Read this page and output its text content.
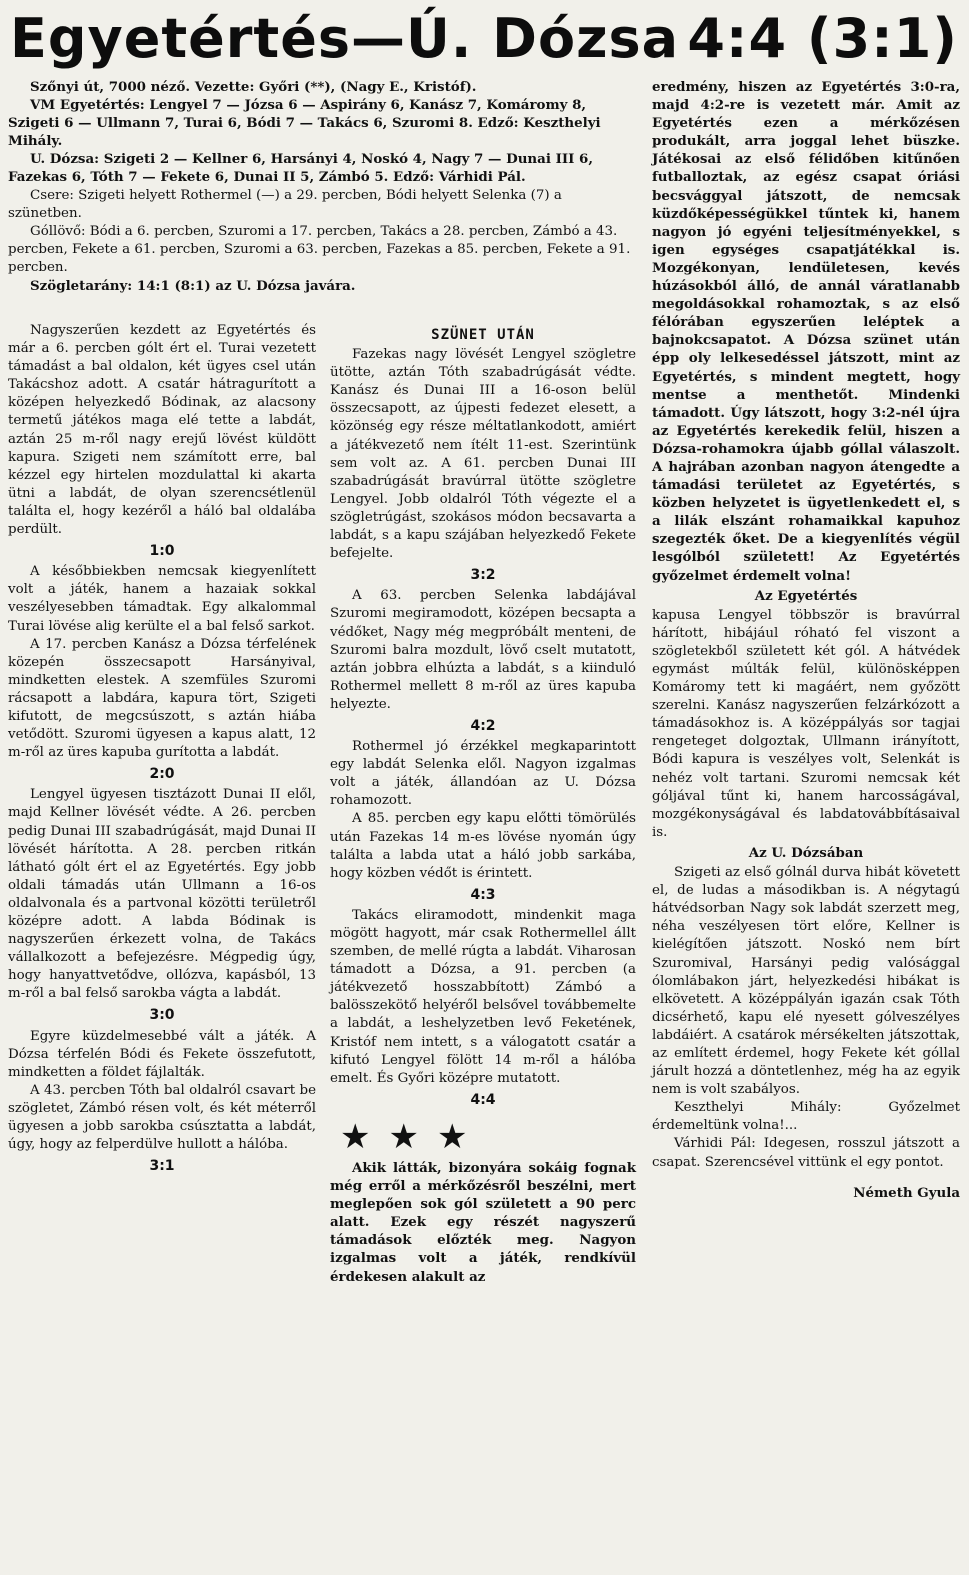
Egyetértés—Ú. Dózsa 4:4 (3:1)

Szőnyi út, 7000 néző. Vezette: Győri (**), (Nagy E., Kristóf).

VM Egyetértés: Lengyel 7 — Józsa 6 — Aspirány 6, Kanász 7, Komáromy 8, Szigeti 6 — Ullmann 7, Turai 6, Bódi 7 — Takács 6, Szuromi 8. Edző: Keszthelyi Mihály.

U. Dózsa: Szigeti 2 — Kellner 6, Harsányi 4, Noskó 4, Nagy 7 — Dunai III 6, Fazekas 6, Tóth 7 — Fekete 6, Dunai II 5, Zámbó 5. Edző: Várhidi Pál.

Csere: Szigeti helyett Rothermel (—) a 29. percben, Bódi helyett Selenka (7) a szünetben.

Góllövő: Bódi a 6. percben, Szuromi a 17. percben, Takács a 28. percben, Zámbó a 43. percben, Fekete a 61. percben, Szuromi a 63. percben, Fazekas a 85. percben, Fekete a 91. percben.

Szögletarány: 14:1 (8:1) az U. Dózsa javára.

Nagyszerűen kezdett az Egyetértés és már a 6. percben gólt ért el. Turai vezetett támadást a bal oldalon, két ügyes csel után Takácshoz adott. A csatár hátragurított a középen helyezkedő Bódinak, az alacsony termetű játékos maga elé tette a labdát, aztán 25 m-ről nagy erejű lövést küldött kapura. Szigeti nem számított erre, bal kézzel egy hirtelen mozdulattal ki akarta ütni a labdát, de olyan szerencsétlenül találta el, hogy kezéről a háló bal oldalába perdült.

1:0

A későbbiekben nemcsak kiegyenlített volt a játék, hanem a hazaiak sokkal veszélyesebben támadtak. Egy alkalommal Turai lövése alig kerülte el a bal felső sarkot.

A 17. percben Kanász a Dózsa térfelének közepén összecsapott Harsányival, mindketten elestek. A szemfüles Szuromi rácsapott a labdára, kapura tört, Szigeti kifutott, de megcsúszott, s aztán hiába vetődött. Szuromi ügyesen a kapus alatt, 12 m-ről az üres kapuba gurította a labdát.

2:0

Lengyel ügyesen tisztázott Dunai II elől, majd Kellner lövését védte. A 26. percben pedig Dunai III szabadrúgását, majd Dunai II lövését hárította. A 28. percben ritkán látható gólt ért el az Egyetértés. Egy jobb oldali támadás után Ullmann a 16-os oldalvonala és a partvonal közötti területről középre adott. A labda Bódinak is nagyszerűen érkezett volna, de Takács vállalkozott a befejezésre. Mégpedig úgy, hogy hanyattvetődve, ollózva, kapásból, 13 m-ről a bal felső sarokba vágta a labdát.

3:0

Egyre küzdelmesebbé vált a játék. A Dózsa térfelén Bódi és Fekete összefutott, mindketten a földet fájlalták.

A 43. percben Tóth bal oldalról csavart be szögletet, Zámbó résen volt, és két méterről ügyesen a jobb sarokba csúsztatta a labdát, úgy, hogy az felperdülve hullott a hálóba.

3:1
SZÜNET UTÁN

Fazekas nagy lövését Lengyel szögletre ütötte, aztán Tóth szabadrúgását védte. Kanász és Dunai III a 16-oson belül összecsapott, az újpesti fedezet elesett, a közönség egy része méltatlankodott, amiért a játékvezető nem ítélt 11-est. Szerintünk sem volt az. A 61. percben Dunai III szabadrúgását bravúrral ütötte szögletre Lengyel. Jobb oldalról Tóth végezte el a szögletrúgást, szokásos módon becsavarta a labdát, s a kapu szájában helyezkedő Fekete befejelte.

3:2

A 63. percben Selenka labdájával Szuromi megiramodott, középen becsapta a védőket, Nagy még megpróbált menteni, de Szuromi balra mozdult, lövő cselt mutatott, aztán jobbra elhúzta a labdát, s a kiinduló Rothermel mellett 8 m-ről az üres kapuba helyezte.

4:2

Rothermel jó érzékkel megkaparintott egy labdát Selenka elől. Nagyon izgalmas volt a játék, állandóan az U. Dózsa rohamozott.

A 85. percben egy kapu előtti tömörülés után Fazekas 14 m-es lövése nyomán úgy találta a labda utat a háló jobb sarkába, hogy közben védőt is érintett.

4:3

Takács eliramodott, mindenkit maga mögött hagyott, már csak Rothermellel állt szemben, de mellé rúgta a labdát. Viharosan támadott a Dózsa, a 91. percben (a játékvezető hosszabbított) Zámbó a balösszekötő helyéről belsővel továbbemelte a labdát, a leshelyzetben levő Feketének, Kristóf nem intett, s a válogatott csatár a kifutó Lengyel fölött 14 m-ről a hálóba emelt. És Győri középre mutatott.

4:4
★★★

Akik látták, bizonyára sokáig fognak még erről a mérkőzésről beszélni, mert meglepően sok gól született a 90 perc alatt. Ezek egy részét nagyszerű támadások előzték meg. Nagyon izgalmas volt a játék, rendkívül érdekesen alakult az

eredmény, hiszen az Egyetértés 3:0-ra, majd 4:2-re is vezetett már. Amit az Egyetértés ezen a mérkőzésen produkált, arra joggal lehet büszke. Játékosai az első félidőben kitűnően futballoztak, az egész csapat óriási becsvággyal játszott, de nemcsak küzdőképességükkel tűntek ki, hanem nagyon jó egyéni teljesítményekkel, s igen egységes csapatjátékkal is. Mozgékonyan, lendületesen, kevés húzásokból álló, de annál váratlanabb megoldásokkal rohamoztak, s az első félórában egyszerűen leléptek a bajnokcsapatot. A Dózsa szünet után épp oly lelkesedéssel játszott, mint az Egyetértés, s mindent megtett, hogy mentse a menthetőt. Mindenki támadott. Úgy látszott, hogy 3:2-nél újra az Egyetértés kerekedik felül, hiszen a Dózsa-rohamokra újabb góllal válaszolt. A hajrában azonban nagyon átengedte a támadási területet az Egyetértés, s közben helyzetet is ügyetlenkedett el, s a lilák elszánt rohamaikkal kapuhoz szegezték őket. De a kiegyenlítés végül lesgólból született! Az Egyetértés győzelmet érdemelt volna!

Az Egyetértés

kapusa Lengyel többször is bravúrral hárított, hibájául róható fel viszont a szögletekből született két gól. A hátvédek egymást múlták felül, különösképpen Komáromy tett ki magáért, nem győzött szerelni. Kanász nagyszerűen felzárkózott a támadásokhoz is. A középpályás sor tagjai rengeteget dolgoztak, Ullmann irányított, Bódi kapura is veszélyes volt, Selenkát is nehéz volt tartani. Szuromi nemcsak két góljával tűnt ki, hanem harcosságával, mozgékonyságával és labdatovábbításaival is.

Az U. Dózsában

Szigeti az első gólnál durva hibát követett el, de ludas a másodikban is. A négytagú hátvédsorban Nagy sok labdát szerzett meg, néha veszélyesen tört előre, Kellner is kielégítően játszott. Noskó nem bírt Szuromival, Harsányi pedig valósággal ólomlábakon járt, helyezkedési hibákat is elkövetett. A középpályán igazán csak Tóth dicsérhető, kapu elé nyesett gólveszélyes labdáiért. A csatárok mérsékelten játszottak, az említett érdemel, hogy Fekete két góllal járult hozzá a döntetlenhez, még ha az egyik nem is volt szabályos.

Keszthelyi Mihály: Győzelmet érdemeltünk volna!...

Várhidi Pál: Idegesen, rosszul játszott a csapat. Szerencsével vittünk el egy pontot.

Németh Gyula
